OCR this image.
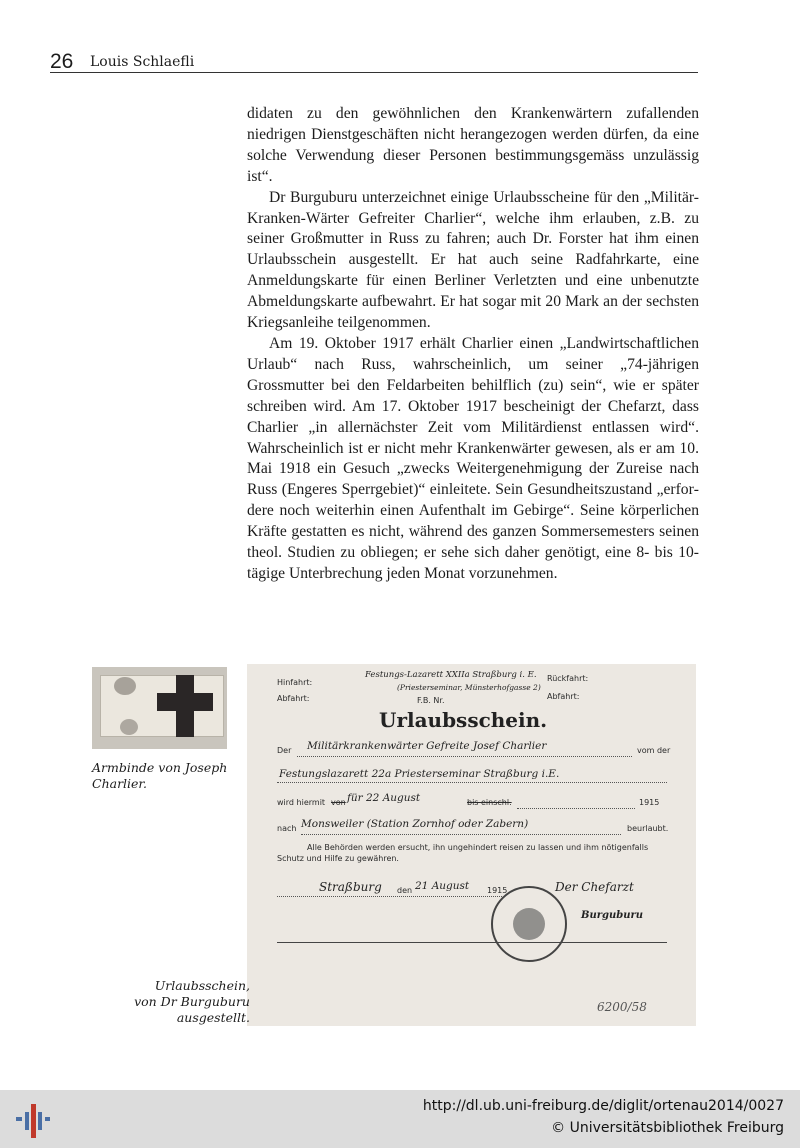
26 Louis Schlaefli

didaten zu den gewöhnlichen den Krankenwärtern zufallenden niedrigen Dienstgeschäften nicht herangezogen werden dürfen, da eine solche Verwendung dieser Personen bestimmungsgemäss unzulässig ist“.

Dr Burguburu unterzeichnet einige Urlaubsscheine für den „Militär-Kranken-Wärter Gefreiter Charlier“, welche ihm erlauben, z.B. zu seiner Großmutter in Russ zu fahren; auch Dr. Forster hat ihm einen Urlaubsschein ausgestellt. Er hat auch seine Radfahrkarte, eine Anmeldungskarte für einen Berliner Verletzten und eine unbenutzte Abmeldungskarte aufbewahrt. Er hat sogar mit 20 Mark an der sechsten Kriegsanleihe teilgenommen.

Am 19. Oktober 1917 erhält Charlier einen „Landwirtschaftlichen Urlaub“ nach Russ, wahrscheinlich, um seiner „74-jährigen Grossmutter bei den Feldarbeiten behilflich (zu) sein“, wie er später schreiben wird. Am 17. Oktober 1917 bescheinigt der Chefarzt, dass Charlier „in allernächster Zeit vom Militärdienst entlassen wird“. Wahrscheinlich ist er nicht mehr Krankenwärter gewesen, als er am 10. Mai 1918 ein Gesuch „zwecks Weitergenehmigung der Zureise nach Russ (Engeres Sperrgebiet)“ einleitete. Sein Gesundheitszustand „erfordere noch weiterhin einen Aufenthalt im Gebirge“. Seine körperlichen Kräfte gestatten es nicht, während des ganzen Sommersemesters seinen theol. Studien zu obliegen; er sehe sich daher genötigt, eine 8- bis 10-tägige Unterbrechung jeden Monat vorzunehmen.

Armbinde von Joseph Charlier.
Hinfahrt:
Festungs-Lazarett XXIIa Straßburg i. E. Rückfahrt:
(Priesterseminar, Münsterhofgasse 2)
Abfahrt:	Abfahrt:
F.B. Nr.
Urlaubsschein.
Der Militärkrankenwärter Gefreite Josef Charlier	vom der
Festungslazarett 22a Priesterseminar Straßburg i.E.
wird hiermit von für 22 August	bis einschl.	1915
nach Monsweiler (Station Zornhof oder Zabern)	beurlaubt.
Alle Behörden werden ersucht, ihn ungehindert reisen zu lassen und ihm nötigenfalls Schutz und Hilfe zu gewähren.
Straßburg den 21 August 1915	Der Chefarzt
Burguburu
6200/58
Urlaubsschein,
von Dr Burguburu
ausgestellt.
http://dl.ub.uni-freiburg.de/diglit/ortenau2014/0027
© Universitätsbibliothek Freiburg
